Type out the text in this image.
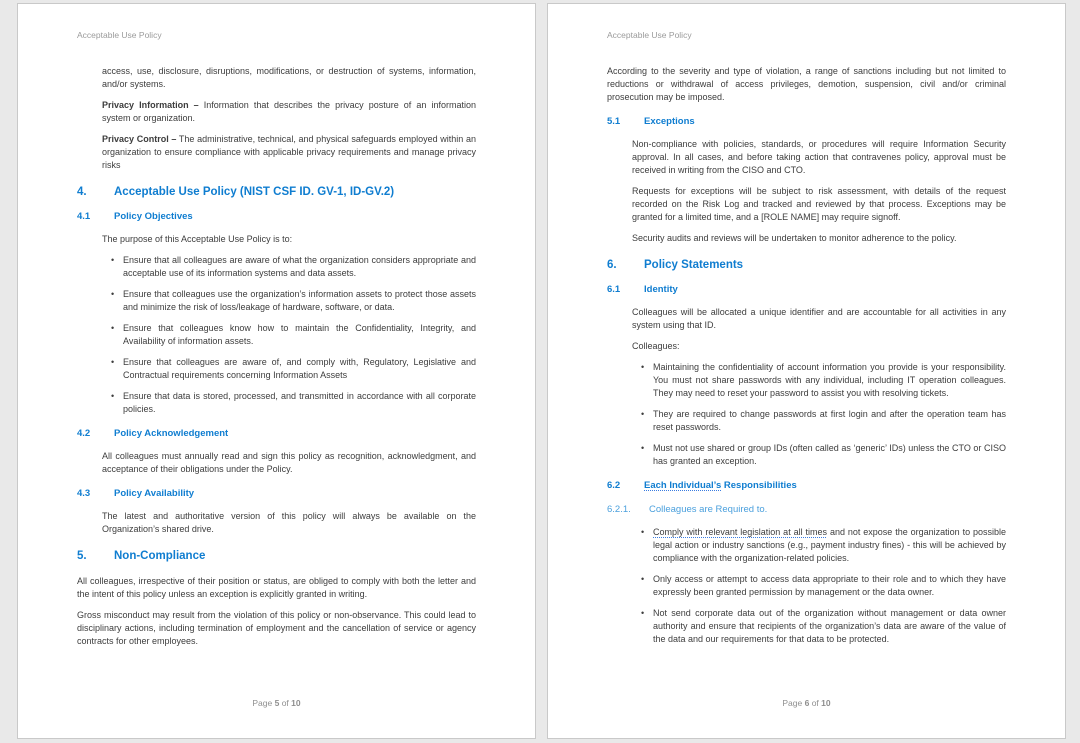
Acceptable Use Policy

access, use, disclosure, disruptions, modifications, or destruction of systems, information, and/or systems.

Privacy Information – Information that describes the privacy posture of an information system or organization.

Privacy Control – The administrative, technical, and physical safeguards employed within an organization to ensure compliance with applicable privacy requirements and manage privacy risks

4.	Acceptable Use Policy (NIST CSF ID. GV-1, ID-GV.2)
4.1	Policy Objectives

The purpose of this Acceptable Use Policy is to:

• Ensure that all colleagues are aware of what the organization considers appropriate and acceptable use of its information systems and data assets.
• Ensure that colleagues use the organization’s information assets to protect those assets and minimize the risk of loss/leakage of hardware, software, or data.
• Ensure that colleagues know how to maintain the Confidentiality, Integrity, and Availability of information assets.
• Ensure that colleagues are aware of, and comply with, Regulatory, Legislative and Contractual requirements concerning Information Assets
• Ensure that data is stored, processed, and transmitted in accordance with all corporate policies.
4.2	Policy Acknowledgement

All colleagues must annually read and sign this policy as recognition, acknowledgment, and acceptance of their obligations under the Policy.

4.3	Policy Availability

The latest and authoritative version of this policy will always be available on the Organization’s shared drive.

5.	Non-Compliance

All colleagues, irrespective of their position or status, are obliged to comply with both the letter and the intent of this policy unless an exception is explicitly granted in writing.

Gross misconduct may result from the violation of this policy or non-observance. This could lead to disciplinary actions, including termination of employment and the cancellation of service or agency contracts for other employees.

Page 5 of 10
Acceptable Use Policy

According to the severity and type of violation, a range of sanctions including but not limited to reductions or withdrawal of access privileges, demotion, suspension, civil and/or criminal prosecution may be imposed.

5.1	Exceptions

Non-compliance with policies, standards, or procedures will require Information Security approval. In all cases, and before taking action that contravenes policy, approval must be received in writing from the CISO and CTO.

Requests for exceptions will be subject to risk assessment, with details of the request recorded on the Risk Log and tracked and reviewed by that process. Exceptions may be granted for a limited time, and a [ROLE NAME] may require signoff.

Security audits and reviews will be undertaken to monitor adherence to the policy.

6.	Policy Statements
6.1	Identity

Colleagues will be allocated a unique identifier and are accountable for all activities in any system using that ID.

Colleagues:

• Maintaining the confidentiality of account information you provide is your responsibility. You must not share passwords with any individual, including IT operation colleagues. They may need to reset your password to assist you with resolving tickets.
• They are required to change passwords at first login and after the operation team has reset passwords.
• Must not use shared or group IDs (often called as ‘generic’ IDs) unless the CTO or CISO has granted an exception.
6.2	Each Individual’s Responsibilities
6.2.1.	Colleagues are Required to.
• Comply with relevant legislation at all times and not expose the organization to possible legal action or industry sanctions (e.g., payment industry fines) - this will be achieved by compliance with the organization-related policies.
• Only access or attempt to access data appropriate to their role and to which they have expressly been granted permission by management or the data owner.
• Not send corporate data out of the organization without management or data owner authority and ensure that recipients of the organization’s data are aware of the value of the data and our requirements for that data to be protected.
Page 6 of 10
